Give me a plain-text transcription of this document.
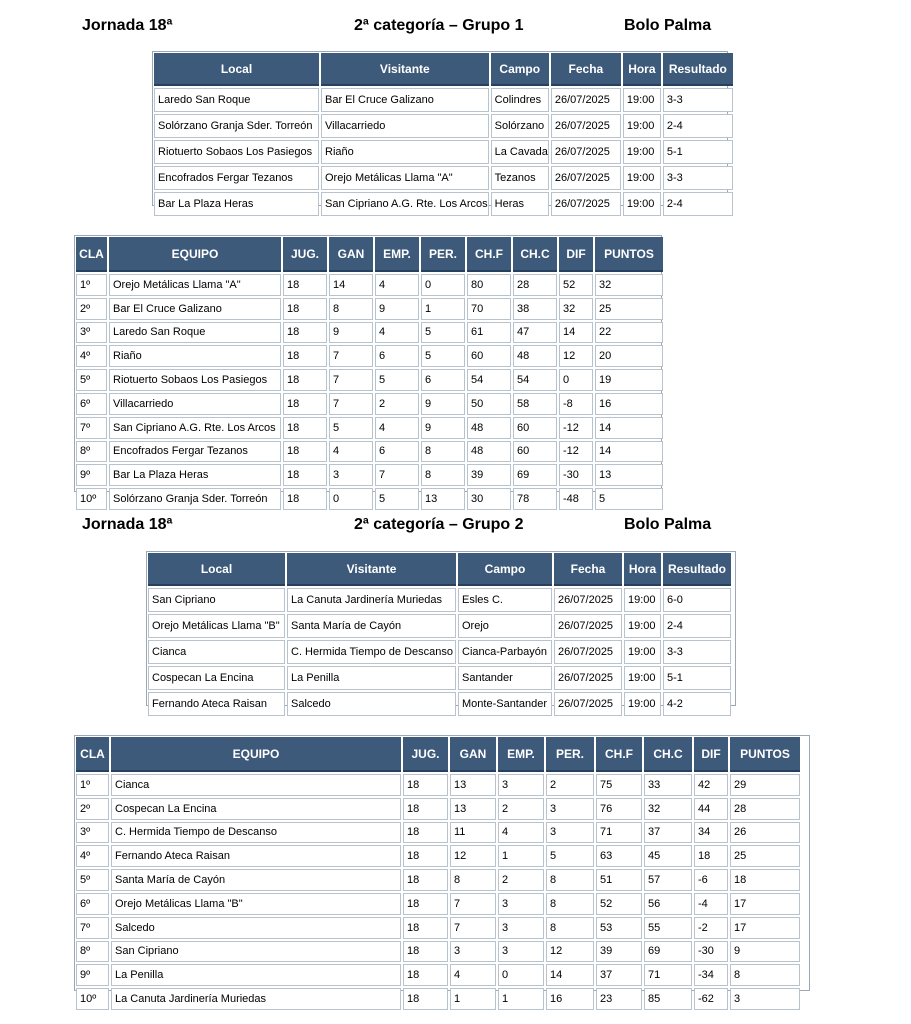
Jornada 18ª	2ª categoría – Grupo 1	Bolo Palma
Local	Visitante	Campo	Fecha	Hora	Resultado
Laredo San Roque	Bar El Cruce Galizano	Colindres	26/07/2025	19:00	3-3
Solórzano Granja Sder. Torreón	Villacarriedo	Solórzano	26/07/2025	19:00	2-4
Riotuerto Sobaos Los Pasiegos	Riaño	La Cavada	26/07/2025	19:00	5-1
Encofrados Fergar Tezanos	Orejo Metálicas Llama "A"	Tezanos	26/07/2025	19:00	3-3
Bar La Plaza Heras	San Cipriano A.G. Rte. Los Arcos	Heras	26/07/2025	19:00	2-4
CLA	EQUIPO	JUG.	GAN	EMP.	PER.	CH.F	CH.C	DIF	PUNTOS
1º	Orejo Metálicas Llama "A"	18	14	4	0	80	28	52	32
2º	Bar El Cruce Galizano	18	8	9	1	70	38	32	25
3º	Laredo San Roque	18	9	4	5	61	47	14	22
4º	Riaño	18	7	6	5	60	48	12	20
5º	Riotuerto Sobaos Los Pasiegos	18	7	5	6	54	54	0	19
6º	Villacarriedo	18	7	2	9	50	58	-8	16
7º	San Cipriano A.G. Rte. Los Arcos	18	5	4	9	48	60	-12	14
8º	Encofrados Fergar Tezanos	18	4	6	8	48	60	-12	14
9º	Bar La Plaza Heras	18	3	7	8	39	69	-30	13
10º	Solórzano Granja Sder. Torreón	18	0	5	13	30	78	-48	5
Jornada 18ª	2ª categoría – Grupo 2	Bolo Palma
Local	Visitante	Campo	Fecha	Hora	Resultado
San Cipriano	La Canuta Jardinería Muriedas	Esles C.	26/07/2025	19:00	6-0
Orejo Metálicas Llama "B"	Santa María de Cayón	Orejo	26/07/2025	19:00	2-4
Cianca	C. Hermida Tiempo de Descanso	Cianca-Parbayón	26/07/2025	19:00	3-3
Cospecan La Encina	La Penilla	Santander	26/07/2025	19:00	5-1
Fernando Ateca Raisan	Salcedo	Monte-Santander	26/07/2025	19:00	4-2
CLA	EQUIPO	JUG.	GAN	EMP.	PER.	CH.F	CH.C	DIF	PUNTOS
1º	Cianca	18	13	3	2	75	33	42	29
2º	Cospecan La Encina	18	13	2	3	76	32	44	28
3º	C. Hermida Tiempo de Descanso	18	11	4	3	71	37	34	26
4º	Fernando Ateca Raisan	18	12	1	5	63	45	18	25
5º	Santa María de Cayón	18	8	2	8	51	57	-6	18
6º	Orejo Metálicas Llama "B"	18	7	3	8	52	56	-4	17
7º	Salcedo	18	7	3	8	53	55	-2	17
8º	San Cipriano	18	3	3	12	39	69	-30	9
9º	La Penilla	18	4	0	14	37	71	-34	8
10º	La Canuta Jardinería Muriedas	18	1	1	16	23	85	-62	3
